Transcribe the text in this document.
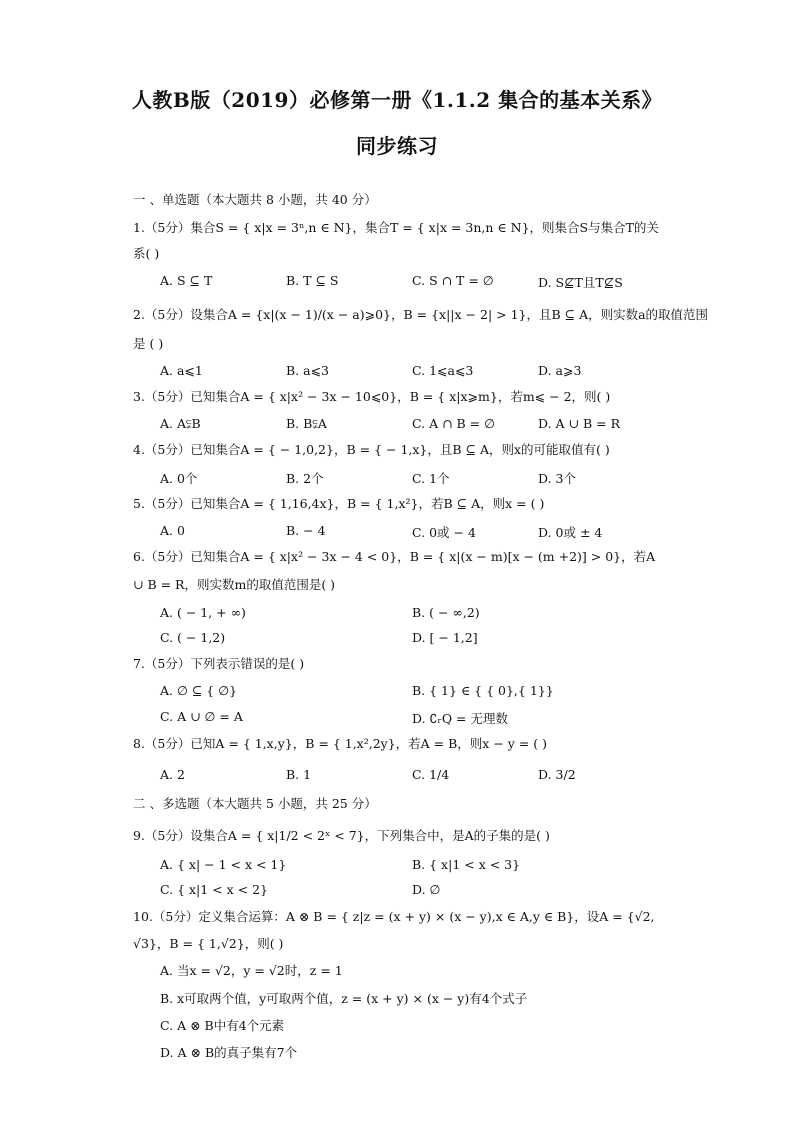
人教B版（2019）必修第一册《1.1.2 集合的基本关系》
同步练习
一 、单选题（本大题共 8 小题，共 40 分）
1.（5分）集合S = { x|x = 3ⁿ,n ∈ N}，集合T = { x|x = 3n,n ∈ N}，则集合S与集合T的关
系( )
A. S ⊆ T	B. T ⊆ S	C. S ∩ T = ∅	D. S⊈T且T⊈S
2.（5分）设集合A = {x|(x − 1)/(x − a)⩾0}，B = {x||x − 2| > 1}，且B ⊆ A，则实数a的取值范围
是 ( )
A. a⩽1	B. a⩽3	C. 1⩽a⩽3	D. a⩾3
3.（5分）已知集合A = { x|x² − 3x − 10⩽0}，B = { x|x⩾m}，若m⩽ − 2，则( )
A. A⫋B	B. B⫋A	C. A ∩ B = ∅	D. A ∪ B = R
4.（5分）已知集合A = { − 1,0,2}，B = { − 1,x}，且B ⊆ A，则x的可能取值有( )
A. 0个	B. 2个	C. 1个	D. 3个
5.（5分）已知集合A = { 1,16,4x}，B = { 1,x²}，若B ⊆ A，则x = ( )
A. 0	B. − 4	C. 0或 − 4	D. 0或 ± 4
6.（5分）已知集合A = { x|x² − 3x − 4 < 0}，B = { x|(x − m)[x − (m +2)] > 0}，若A
∪ B = R，则实数m的取值范围是( )
A. ( − 1, + ∞)	B. ( − ∞,2)
C. ( − 1,2)	D. [ − 1,2]
7.（5分）下列表示错误的是( )
A. ∅ ⊆ { ∅}	B. { 1} ∈ { { 0},{ 1}}
C. A ∪ ∅ = A	D. ∁ᵣQ = 无理数
8.（5分）已知A = { 1,x,y}，B = { 1,x²,2y}，若A = B，则x − y = ( )
A. 2	B. 1	C. 1/4	D. 3/2
二 、多选题（本大题共 5 小题，共 25 分）
9.（5分）设集合A = { x|1/2 < 2ˣ < 7}，下列集合中，是A的子集的是( )
A. { x| − 1 < x < 1}	B. { x|1 < x < 3}
C. { x|1 < x < 2}	D. ∅
10.（5分）定义集合运算：A ⊗ B = { z|z = (x + y) × (x − y),x ∈ A,y ∈ B}，设A = {√2,
√3}，B = { 1,√2}，则( )
A. 当x = √2，y = √2时，z = 1
B. x可取两个值，y可取两个值，z = (x + y) × (x − y)有4个式子
C. A ⊗ B中有4个元素
D. A ⊗ B的真子集有7个
